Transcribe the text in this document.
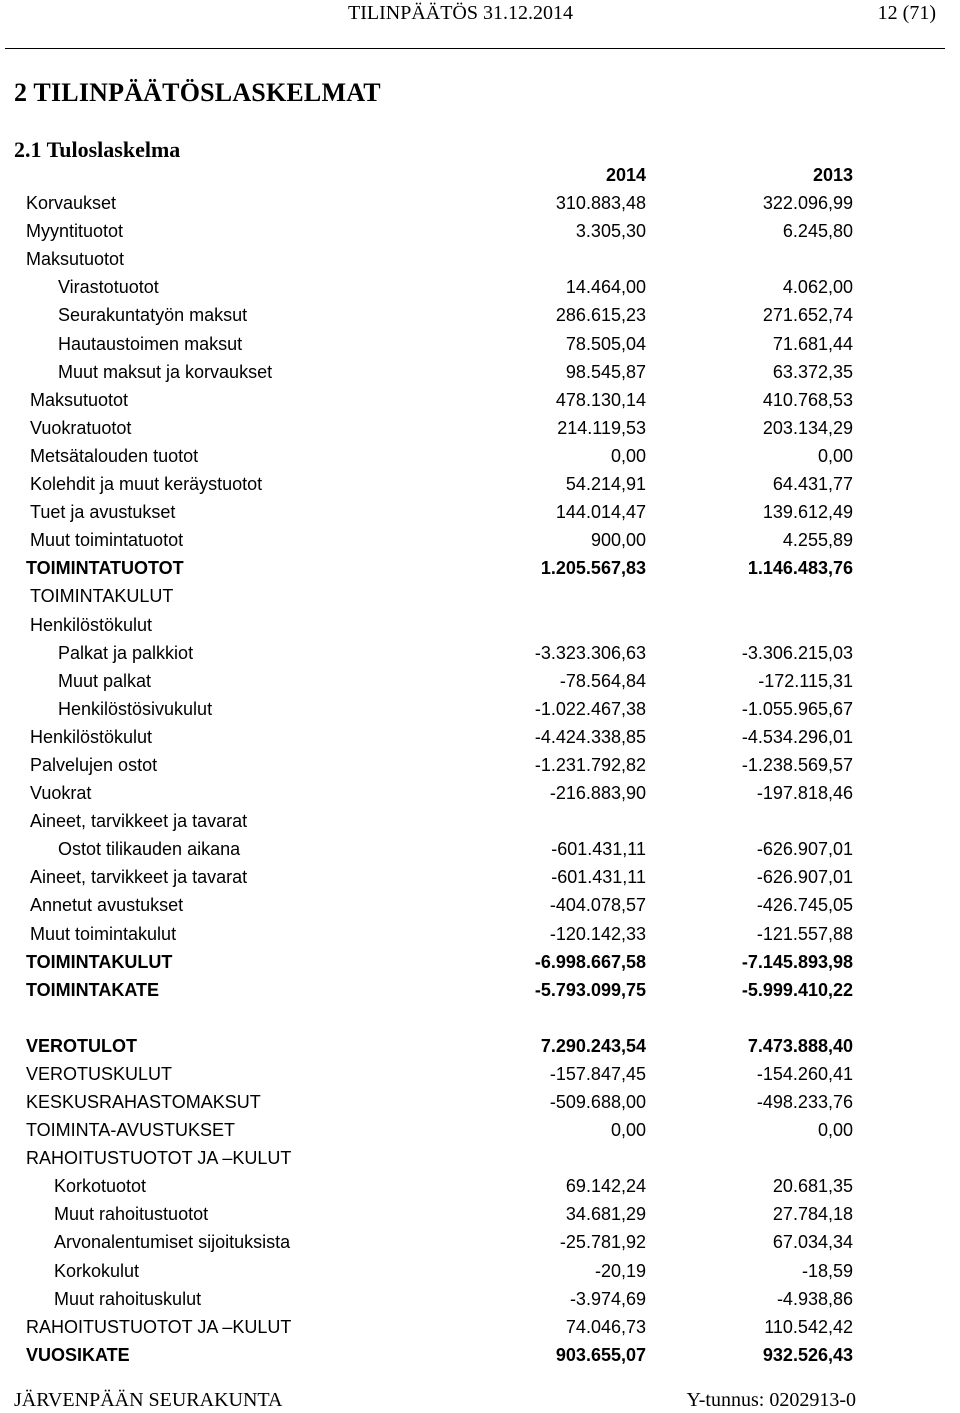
TILINPÄÄTÖS 31.12.2014	12 (71)
2 TILINPÄÄTÖSLASKELMAT
2.1 Tuloslaskelma
2014	2013
Korvaukset	310.883,48	322.096,99
Myyntituotot	3.305,30	6.245,80
Maksutuotot
Virastotuotot	14.464,00	4.062,00
Seurakuntatyön maksut	286.615,23	271.652,74
Hautaustoimen maksut	78.505,04	71.681,44
Muut maksut ja korvaukset	98.545,87	63.372,35
Maksutuotot	478.130,14	410.768,53
Vuokratuotot	214.119,53	203.134,29
Metsätalouden tuotot	0,00	0,00
Kolehdit ja muut keräystuotot	54.214,91	64.431,77
Tuet ja avustukset	144.014,47	139.612,49
Muut toimintatuotot	900,00	4.255,89
TOIMINTATUOTOT	1.205.567,83	1.146.483,76
TOIMINTAKULUT
Henkilöstökulut
Palkat ja palkkiot	-3.323.306,63	-3.306.215,03
Muut palkat	-78.564,84	-172.115,31
Henkilöstösivukulut	-1.022.467,38	-1.055.965,67
Henkilöstökulut	-4.424.338,85	-4.534.296,01
Palvelujen ostot	-1.231.792,82	-1.238.569,57
Vuokrat	-216.883,90	-197.818,46
Aineet, tarvikkeet ja tavarat
Ostot tilikauden aikana	-601.431,11	-626.907,01
Aineet, tarvikkeet ja tavarat	-601.431,11	-626.907,01
Annetut avustukset	-404.078,57	-426.745,05
Muut toimintakulut	-120.142,33	-121.557,88
TOIMINTAKULUT	-6.998.667,58	-7.145.893,98
TOIMINTAKATE	-5.793.099,75	-5.999.410,22
VEROTULOT	7.290.243,54	7.473.888,40
VEROTUSKULUT	-157.847,45	-154.260,41
KESKUSRAHASTOMAKSUT	-509.688,00	-498.233,76
TOIMINTA-AVUSTUKSET	0,00	0,00
RAHOITUSTUOTOT JA –KULUT
Korkotuotot	69.142,24	20.681,35
Muut rahoitustuotot	34.681,29	27.784,18
Arvonalentumiset sijoituksista	-25.781,92	67.034,34
Korkokulut	-20,19	-18,59
Muut rahoituskulut	-3.974,69	-4.938,86
RAHOITUSTUOTOT JA –KULUT	74.046,73	110.542,42
VUOSIKATE	903.655,07	932.526,43
JÄRVENPÄÄN SEURAKUNTA	Y-tunnus: 0202913-0
